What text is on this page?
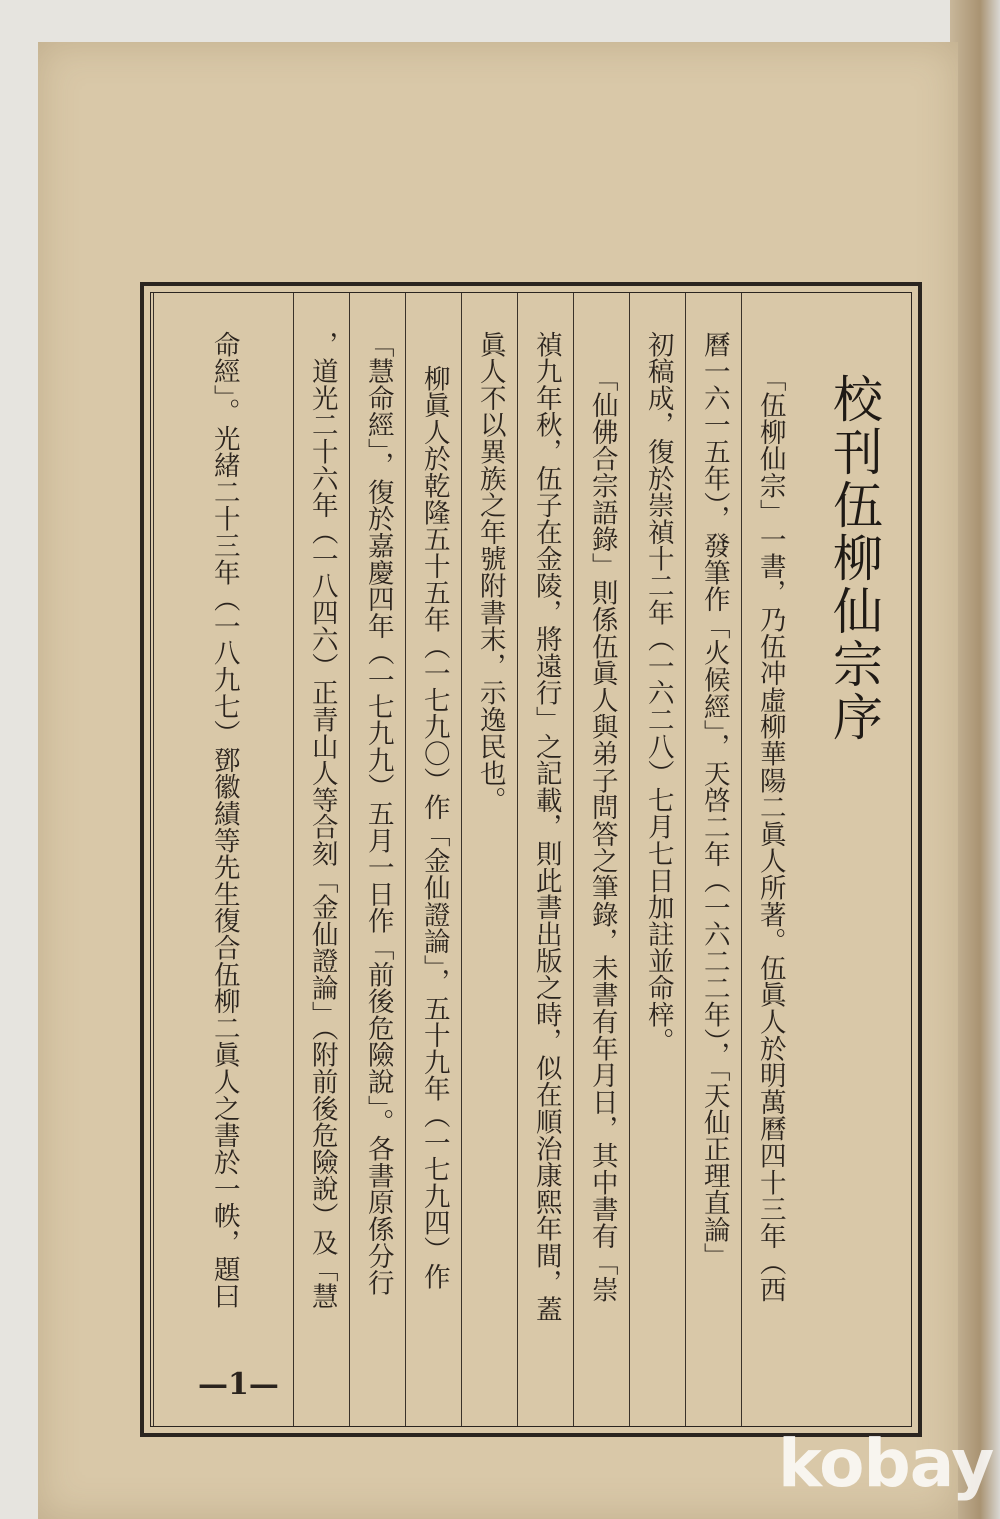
校刊伍柳仙宗序
「伍柳仙宗」一書，乃伍冲虛柳華陽二眞人所著。伍眞人於明萬曆四十三年（西
曆一六一五年），發筆作「火候經」，天啓二年（一六二二年），「天仙正理直論」
初稿成，復於崇禎十二年（一六二八）七月七日加註並命梓。
「仙佛合宗語錄」則係伍眞人與弟子問答之筆錄，未書有年月日，其中書有「崇
禎九年秋，伍子在金陵，將遠行」之記載，則此書出版之時，似在順治康熙年間，蓋
眞人不以異族之年號附書末，示逸民也。
柳眞人於乾隆五十五年（一七九〇）作「金仙證論」，五十九年（一七九四）作
「慧命經」，復於嘉慶四年（一七九九）五月一日作「前後危險說」。各書原係分行
，道光二十六年（一八四六）正青山人等合刻「金仙證論」（附前後危險說）及「慧
命經」。光緒二十三年（一八九七）鄧徽績等先生復合伍柳二眞人之書於一帙，題曰
—1—
kobay
